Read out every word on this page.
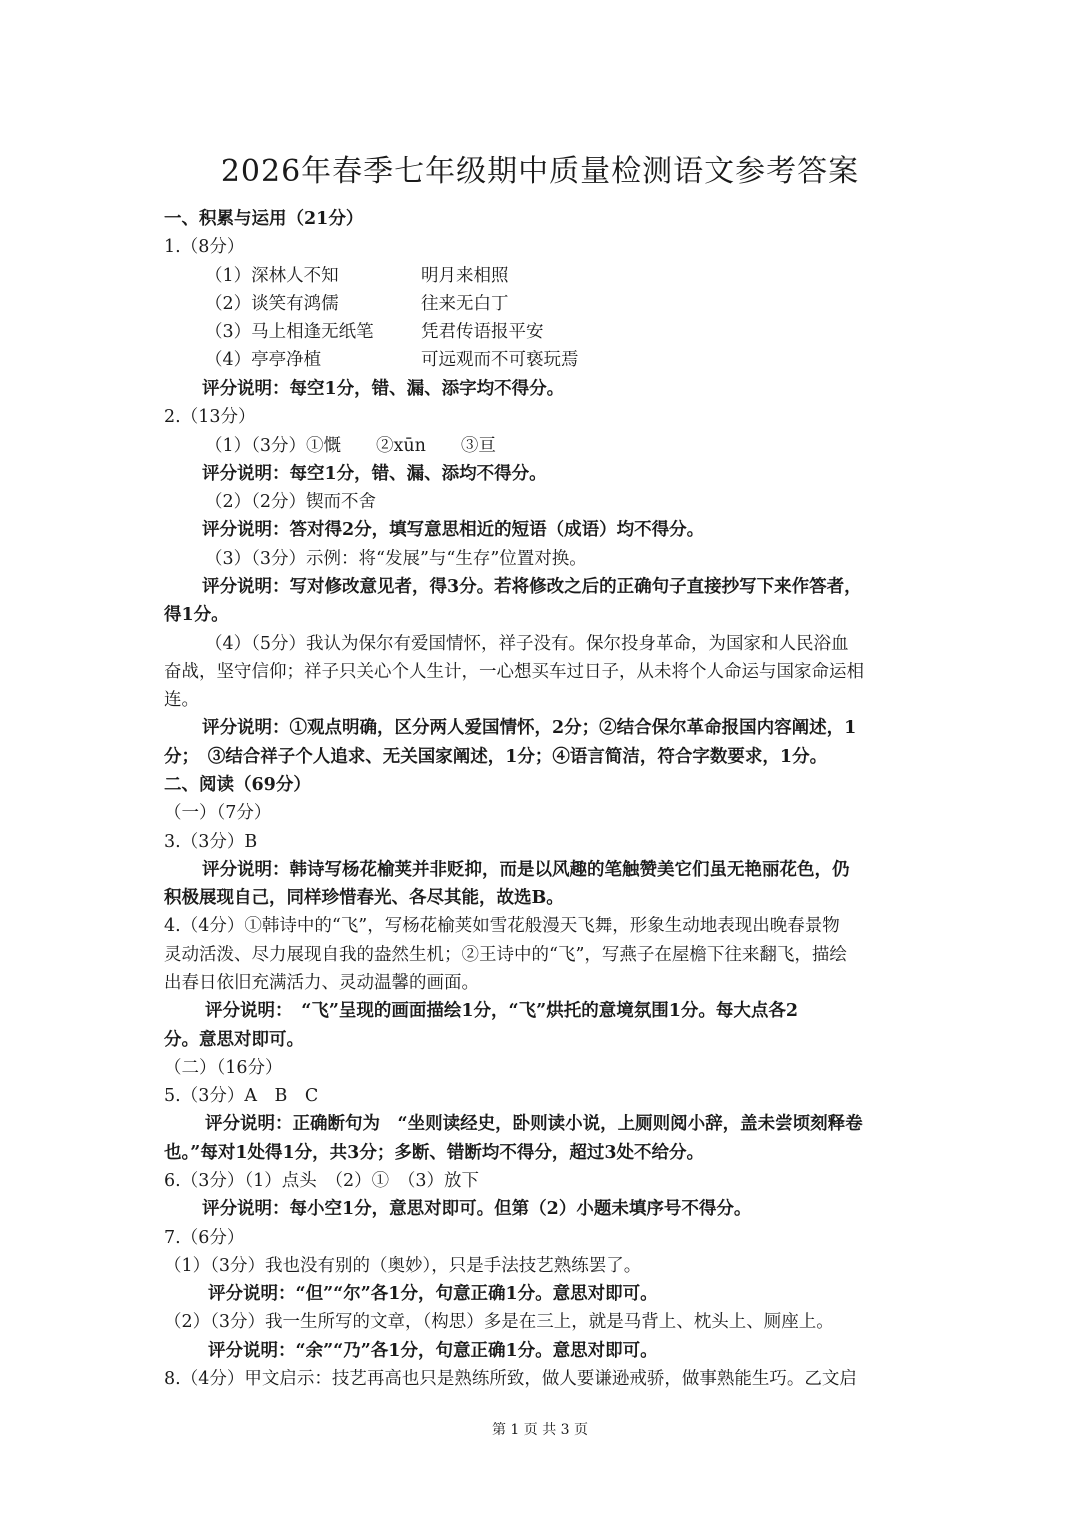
2026年春季七年级期中质量检测语文参考答案
一、积累与运用（21分）
1.（8分）
（1）深林人不知	明月来相照
（2）谈笑有鸿儒	往来无白丁
（3）马上相逢无纸笔	凭君传语报平安
（4）亭亭净植	可远观而不可亵玩焉
评分说明：每空1分，错、漏、添字均不得分。
2.（13分）
（1）（3分）①慨　　②xūn　　③亘
评分说明：每空1分，错、漏、添均不得分。
（2）（2分）锲而不舍
评分说明：答对得2分，填写意思相近的短语（成语）均不得分。
（3）（3分）示例：将“发展”与“生存”位置对换。
评分说明：写对修改意见者，得3分。若将修改之后的正确句子直接抄写下来作答者，
得1分。
（4）（5分）我认为保尔有爱国情怀，祥子没有。保尔投身革命，为国家和人民浴血
奋战，坚守信仰；祥子只关心个人生计，一心想买车过日子，从未将个人命运与国家命运相
连。
评分说明：①观点明确，区分两人爱国情怀，2分；②结合保尔革命报国内容阐述，1
分；　③结合祥子个人追求、无关国家阐述，1分；④语言简洁，符合字数要求，1分。
二、阅读（69分）
（一）（7分）
3.（3分）B
评分说明：韩诗写杨花榆荚并非贬抑，而是以风趣的笔触赞美它们虽无艳丽花色，仍
积极展现自己，同样珍惜春光、各尽其能，故选B。
4.（4分）①韩诗中的“飞”，写杨花榆荚如雪花般漫天飞舞，形象生动地表现出晚春景物
灵动活泼、尽力展现自我的盎然生机；②王诗中的“飞”，写燕子在屋檐下往来翻飞，描绘
出春日依旧充满活力、灵动温馨的画面。
评分说明：　“飞”呈现的画面描绘1分，“飞”烘托的意境氛围1分。每大点各2
分。意思对即可。
（二）（16分）
5.（3分）A　B　C
评分说明：正确断句为　“坐则读经史，卧则读小说，上厕则阅小辞，盖未尝顷刻释卷
也。”每对1处得1分，共3分；多断、错断均不得分，超过3处不给分。
6.（3分）（1）点头　（2）①　（3）放下
评分说明：每小空1分，意思对即可。但第（2）小题未填序号不得分。
7.（6分）
（1）（3分）我也没有别的（奥妙），只是手法技艺熟练罢了。
评分说明：“但”“尔”各1分，句意正确1分。意思对即可。
（2）（3分）我一生所写的文章，（构思）多是在三上，就是马背上、枕头上、厕座上。
评分说明：“余”“乃”各1分，句意正确1分。意思对即可。
8.（4分）甲文启示：技艺再高也只是熟练所致，做人要谦逊戒骄，做事熟能生巧。乙文启
第 1 页 共 3 页
